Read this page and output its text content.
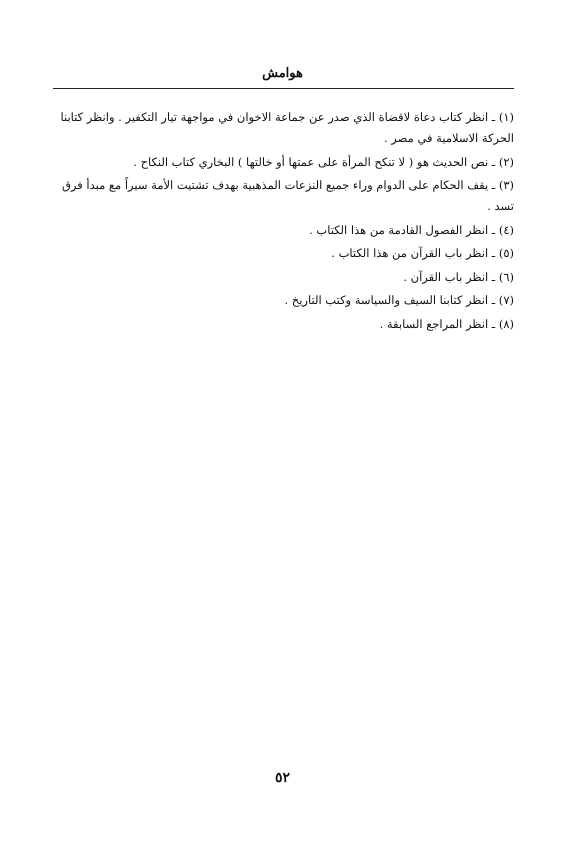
هوامش

(١) ـ انظر كتاب دعاة لاقضاة الذي صدر عن جماعة الاخوان في مواجهة تيار التكفير . وانظر كتابنا الحركة الاسلامية في مصر .

(٢) ـ نص الحديث هو ( لا تنكح المرأة على عمتها أو خالتها ) البخاري كتاب النكاح .

(٣) ـ يقف الحكام على الدوام وراء جميع النزعات المذهبية بهدف تشتيت الأمة سيراً مع مبدأ فرق تسد .

(٤) ـ انظر الفصول القادمة من هذا الكتاب .

(٥) ـ انظر باب القرآن من هذا الكتاب .

(٦) ـ انظر باب القرآن .

(٧) ـ انظر كتابنا السيف والسياسة وكتب التاريخ .

(٨) ـ انظر المراجع السابقة .

٥٢
